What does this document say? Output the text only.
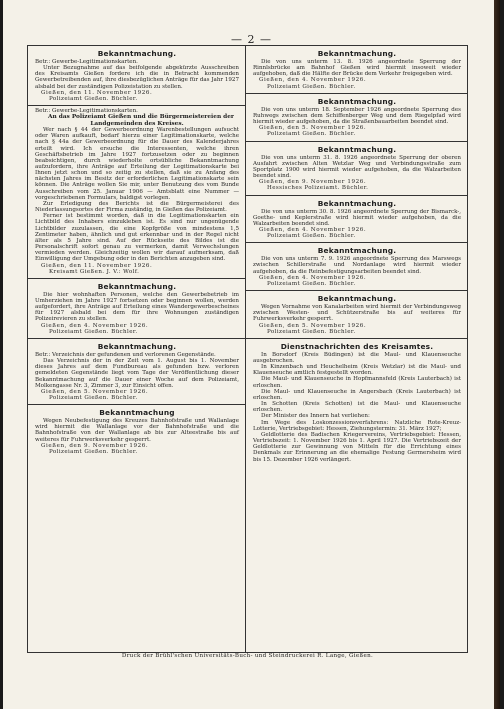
— 2 —
Bekanntmachung.

Betr.: Gewerbe-Legitimationskarten.

Unter Bezugnahme auf das beifolgende abgekürzte Ausschreiben des Kreisamts Gießen fordere ich die in Betracht kommenden Gewerbetreibenden auf, ihre diesbezüglichen Anträge für das Jahr 1927 alsbald bei der zuständigen Polizeistation zu stellen.

Gießen, den 11. November 1926.

Polizeiamt Gießen. Büchler.

Betr.: Gewerbe-Legitimationskarten.

An das Polizeiamt Gießen und die Bürgermeistereien der Landgemeinden des Kreises.

Wer nach § 44 der Gewerbeordnung Warenbestellungen aufsucht oder Waren aufkauft, bedarf hierzu einer Legitimationskarte, welche nach § 44a der Gewerbeordnung für die Dauer des Kalenderjahres erteilt wird. Ich ersuche die Interessenten, welche ihren Geschäftsbetrieb im Jahre 1927 fortzusetzen oder zu beginnen beabsichtigen, durch wiederholte ortsübliche Bekanntmachung aufzufordern, ihre Anträge auf Erteilung der Legitimationskarte bei Ihnen jetzt schon und so zeitig zu stellen, daß sie zu Anfang des nächsten Jahres im Besitz der erforderlichen Legitimationskarte sein können. Die Anträge wollen Sie mir, unter Benutzung des vom Bunde Ausschreiben vom 25. Januar 1906 — Amtsblatt eine Nummer — vorgeschriebenen Formulars, baldigst vorlegen.

Zur Erledigung des Berichts ist die Bürgermeisterei des Niederlassungsortes der Firma zuständig, in Gießen das Polizeiamt.

Ferner ist bestimmt worden, daß in die Legitimationskarten ein Lichtbild des Inhabers einzukleben ist. Es sind nur ungenügende Lichtbilder zuzulassen, die eine Kopfgröße von mindestens 1,5 Zentimeter haben, ähnlich und gut erkennbar und in der Regel nicht älter als 5 Jahre sind. Auf der Rückseite des Bildes ist die Personalschrift sofort genau zu vermerken, damit Verwechslungen vermieden werden. Gleichzeitig wollen wir darauf aufmerksam, daß Einwilligung der Umgebung oder in den Berichten anzugeben sind.

Gießen, den 11. November 1926.

Kreisamt Gießen. J. V.: Wolf.

Bekanntmachung.

Die hier wohnhaften Personen, welche den Gewerbebetrieb im Umherziehen im Jahre 1927 fortsetzen oder beginnen wollen, werden aufgefordert, ihre Anträge auf Erteilung eines Wandergewerbescheines für 1927 alsbald bei dem für ihre Wohnungen zuständigen Polizeirevieren zu stellen.

Gießen, den 4. November 1926.

Polizeiamt Gießen. Büchler.

Bekanntmachung.

Betr.: Verzeichnis der gefundenen und verlorenen Gegenstände.

Das Verzeichnis der in der Zeit vom 1. August bis 1. November dieses Jahres auf dem Fundbureau als gefunden bzw. verloren gemeldeten Gegenstände liegt vom Tage der Veröffentlichung dieser Bekanntmachung auf die Dauer einer Woche auf dem Polizeiamt, Molkengasse Nr. 3, Zimmer 3, zur Einsicht offen.

Gießen, den 5. November 1926.

Polizeiamt Gießen. Büchler.

Bekanntmachung

Wegen Neubefestigung des Kreuzes Bahnhofstraße und Wallanlage wird hiermit die Wallanlage vor der Bahnhofstraße und die Bahnhofstraße von der Wallanlage ab bis zur Alteestraße bis auf weiteres für Fuhrwerksverkehr gesperrt.

Gießen, den 9. November 1926.

Polizeiamt Gießen. Büchler.

Bekanntmachung.

Die von uns unterm 13. 8. 1926 angeordnete Sperrung der Rinnlsbrücke am Bahnhof Gießen wird hiermit insoweit wieder aufgehoben, daß die Hälfte der Brücke dem Verkehr freigegeben wird.

Gießen, den 4. November 1926.

Polizeiamt Gießen. Büchler.

Bekanntmachung.

Die von uns unterm 18. September 1926 angeordnete Sperrung des Ruhwegs zwischen dem Schiffenberger Weg und dem Riegelpfad wird hiermit wieder aufgehoben, da die Straßenbauarbeiten beendet sind.

Gießen, den 5. November 1926.

Polizeiamt Gießen. Büchler.

Bekanntmachung.

Die von uns unterm 31. 8. 1926 angeordnete Sperrung der oberen Ausfahrt zwischen Alten Wetzlar Weg und Verbindungsstraße zum Sportplatz 1900 wird hiermit wieder aufgehoben, da die Walzarbeiten beendet sind.

Gießen, den 9. November 1926.

Hessisches Polizeiamt. Büchler.

Bekanntmachung.

Die von uns unterm 30. 8. 1926 angeordnete Sperrung der Bismarck-, Goethe- und Keplerstraße wird hiermit wieder aufgehoben, da die Walzarbeiten beendet sind.

Gießen, den 4. November 1926.

Polizeiamt Gießen. Büchler.

Bekanntmachung.

Die von uns unterm 7. 9. 1926 angeordnete Sperrung des Marswegs zwischen Schillerstraße und Nordanlage wird hiermit wieder aufgehoben, da die Reinbefestigungsarbeiten beendet sind.

Gießen, den 4. November 1926.

Polizeiamt Gießen. Büchler.

Bekanntmachung.

Wegen Vornahme von Kanalarbeiten wird hiermit der Verbindungsweg zwischen Westen- und Schützerstraße bis auf weiteres für Fuhrwerksverkehr gesperrt.

Gießen, den 5. November 1926.

Polizeiamt Gießen. Büchler.

Dienstnachrichten des Kreisamtes.

In Borsdorf (Kreis Büdingen) ist die Maul- und Klauenseuche ausgebrochen.

In Kinzenbach und Heuchelheim (Kreis Wetzlar) ist die Maul- und Klauenseuche amtlich festgestellt worden.

Die Maul- und Klauenseuche in Hopfmannsfeld (Kreis Lauterbach) ist erloschen.

Die Maul- und Klauenseuche in Angersbach (Kreis Lauterbach) ist erloschen.

In Schotten (Kreis Schotten) ist die Maul- und Klauenseuche erloschen.

Der Minister des Innern hat verliehen:

Im Wege des Loskonzessionsverfahrens: Natzliche Rote-Kreuz-Lotterie, Vertriebsgebiet: Hessen, Ziehungstermin: 31. März 1927;

Geldlotterie des Badischen Kriegervereins, Vertriebsgebiet: Hessen, Vertriebszeit: 1. November 1926 bis 1. April 1927. Die Vertriebszeit der Geldlotterie zur Gewinnung von Mitteln für die Errichtung eines Denkmals zur Erinnerung an die ehemalige Festung Germersheim wird bis 15. Dezember 1926 verlängert.

Druck der Brühl'schen Universitäts-Buch- und Steindruckerei R. Lange, Gießen.
